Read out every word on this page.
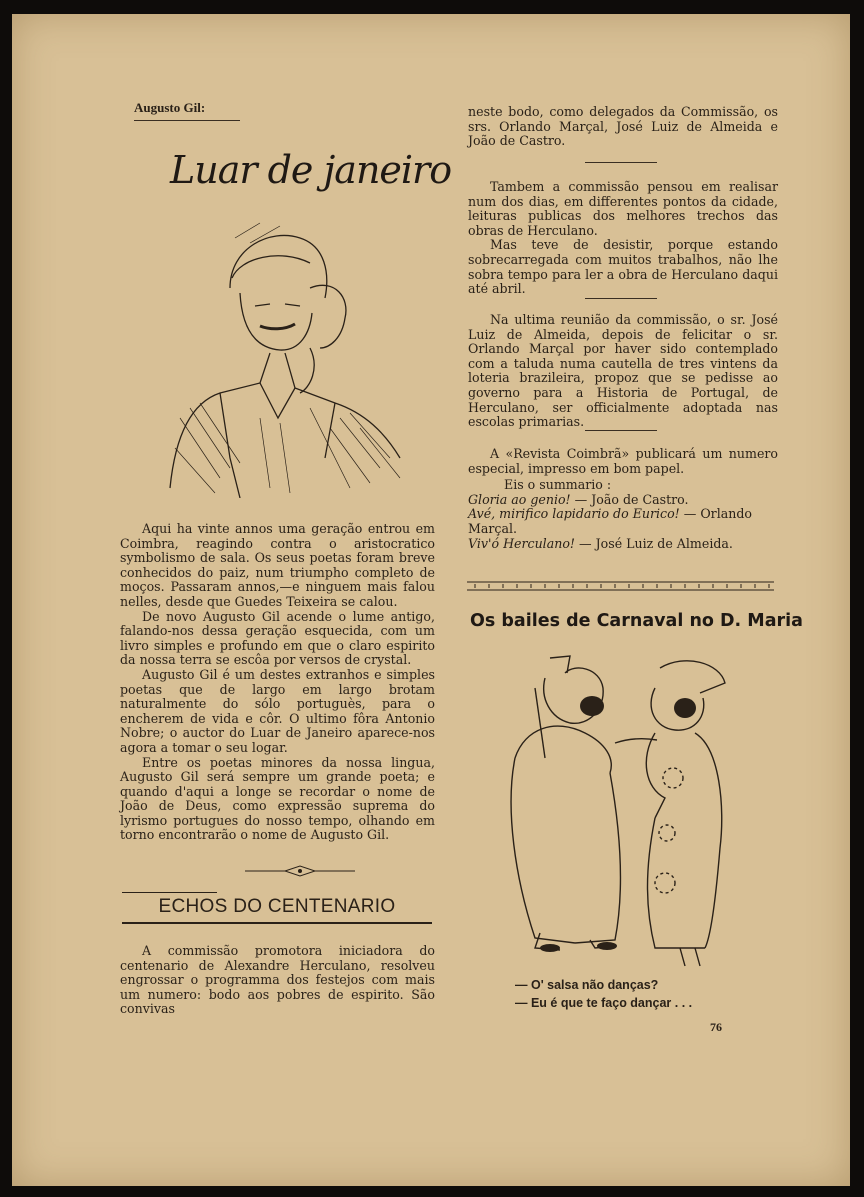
Augusto Gil:
Luar de janeiro

Aqui ha vinte annos uma geração entrou em Coimbra, reagindo contra o aristocratico symbolismo de sala. Os seus poetas foram breve conhecidos do paiz, num triumpho completo de moços. Passaram annos,—e ninguem mais falou nelles, desde que Guedes Teixeira se calou.

De novo Augusto Gil acende o lume antigo, falando-nos dessa geração esquecida, com um livro simples e profundo em que o claro espirito da nossa terra se escôa por versos de crystal.

Augusto Gil é um destes extranhos e simples poetas que de largo em largo brotam naturalmente do sólo portuguès, para o encherem de vida e côr. O ultimo fôra Antonio Nobre; o auctor do Luar de Janeiro aparece-nos agora a tomar o seu logar.

Entre os poetas minores da nossa lingua, Augusto Gil será sempre um grande poeta; e quando d'aqui a longe se recordar o nome de João de Deus, como expressão suprema do lyrismo portugues do nosso tempo, olhando em torno encontrarão o nome de Augusto Gil.

ECHOS DO CENTENARIO

A commissão promotora iniciadora do centenario de Alexandre Herculano, resolveu engrossar o programma dos festejos com mais um numero: bodo aos pobres de espirito. São convivas

neste bodo, como delegados da Commissão, os srs. Orlando Marçal, José Luiz de Almeida e João de Castro.

Tambem a commissão pensou em realisar num dos dias, em differentes pontos da cidade, leituras publicas dos melhores trechos das obras de Herculano.

Mas teve de desistir, porque estando sobrecarregada com muitos trabalhos, não lhe sobra tempo para ler a obra de Herculano daqui até abril.

Na ultima reunião da commissão, o sr. José Luiz de Almeida, depois de felicitar o sr. Orlando Marçal por haver sido contemplado com a taluda numa cautella de tres vintens da loteria brazileira, propoz que se pedisse ao governo para a Historia de Portugal, de Herculano, ser officialmente adoptada nas escolas primarias.

A «Revista Coimbrã» publicará um numero especial, impresso em bom papel.

Eis o summario :

Gloria ao genio! — João de Castro.

Avé, mirifico lapidario do Eurico! — Orlando Marçal.

Viv'ó Herculano! — José Luiz de Almeida.

Os bailes de Carnaval no D. Maria
— O' salsa não danças?
— Eu é que te faço dançar . . .
76
